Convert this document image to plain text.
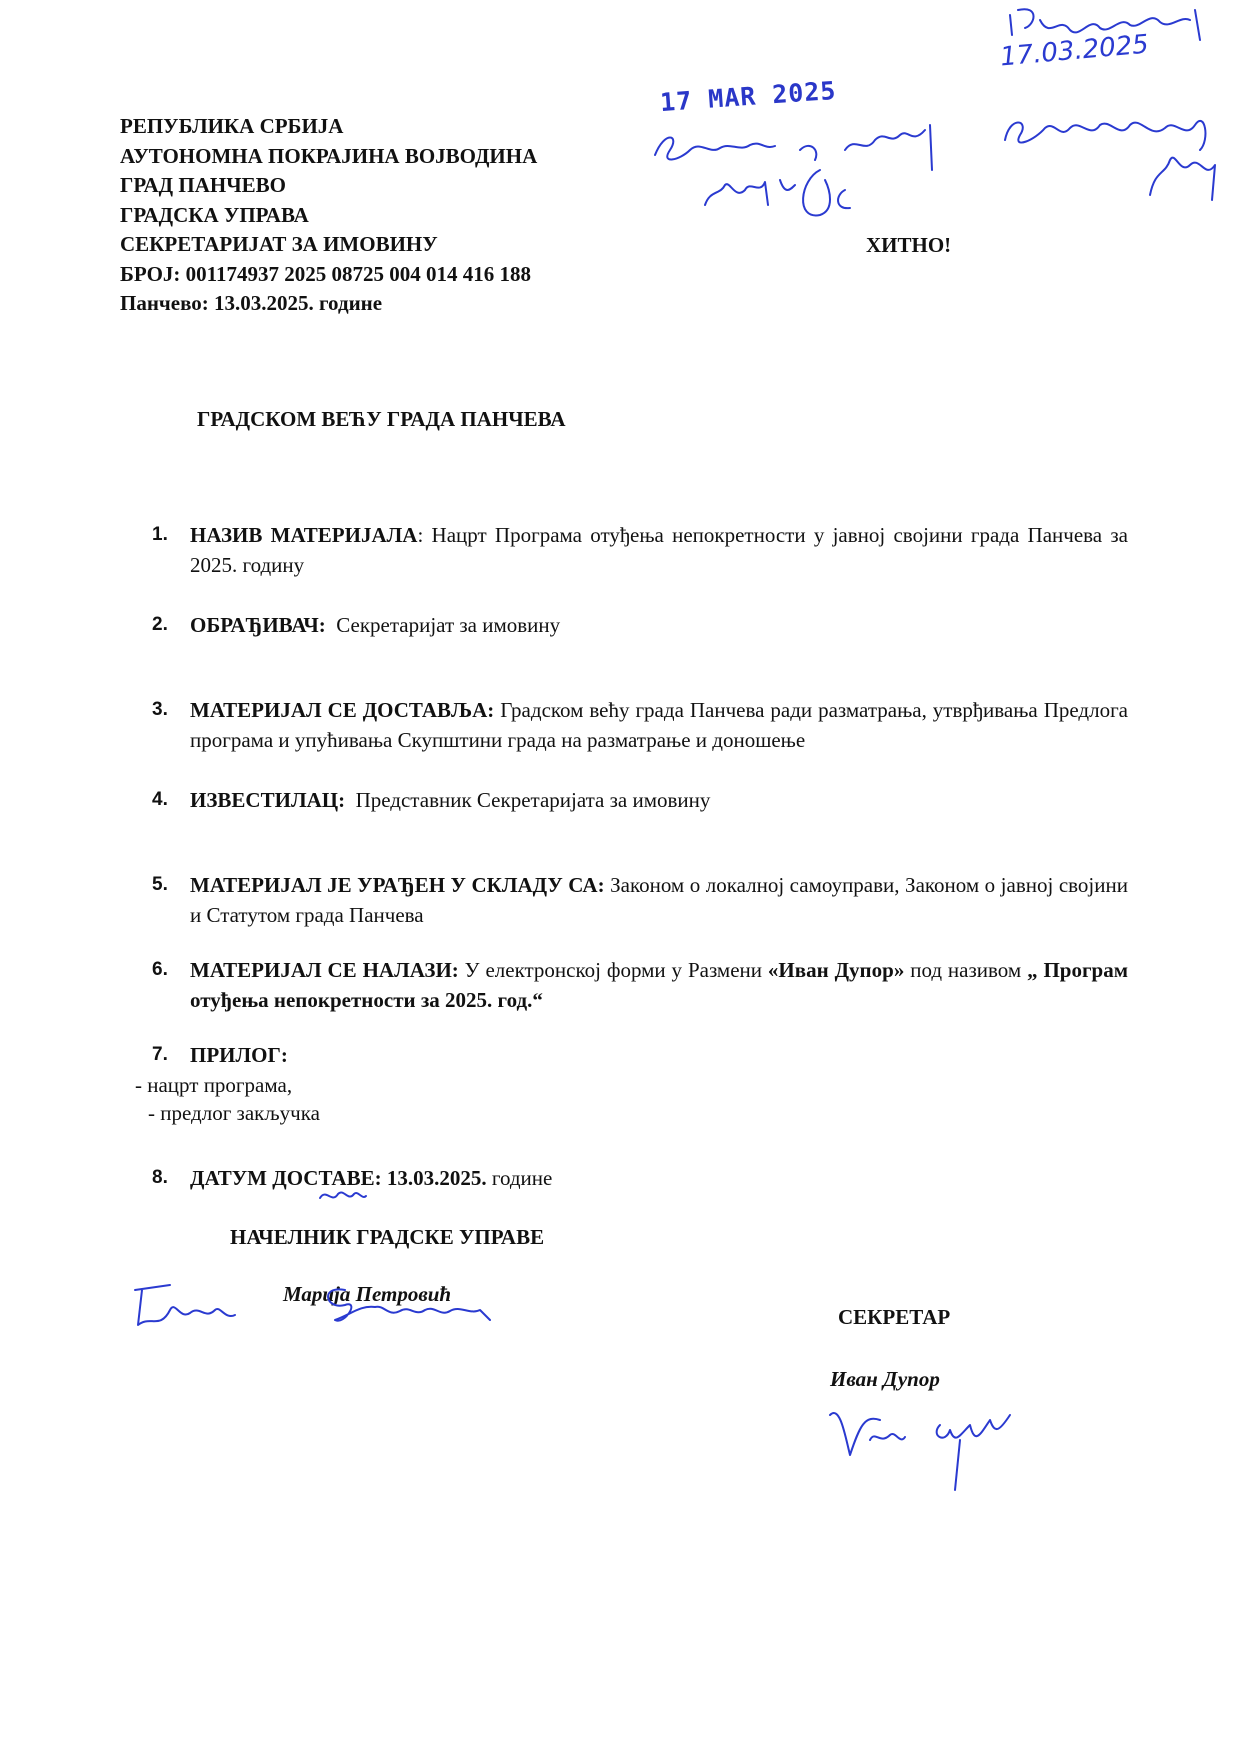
РЕПУБЛИКА СРБИЈА
АУТОНОМНА ПОКРАЈИНА ВОЈВОДИНА
ГРАД ПАНЧЕВО
ГРАДСКА УПРАВА
СЕКРЕТАРИЈАТ ЗА ИМОВИНУ
БРОЈ: 001174937 2025 08725 004 014 416 188
Панчево: 13.03.2025. године
ХИТНО!
17 MAR 2025
17.03.2025
ГРАДСКОМ ВЕЋУ ГРАДА ПАНЧЕВА
1. НАЗИВ МАТЕРИЈАЛА: Нацрт Програма отуђења непокретности у јавној својини града Панчева за 2025. годину
2. ОБРАЂИВАЧ:  Секретаријат за имовину
3. МАТЕРИЈАЛ СЕ ДОСТАВЉА: Градском већу града Панчева ради разматрања, утврђивања Предлога програма и упућивања Скупштини града на разматрање и доношење
4. ИЗВЕСТИЛАЦ:  Представник Секретаријата за имовину
5. МАТЕРИЈАЛ ЈЕ УРАЂЕН У СКЛАДУ СА: Законом о локалној самоуправи, Законом о јавној својини и Статутом града Панчева
6. МАТЕРИЈАЛ СЕ НАЛАЗИ: У електронској форми у Размени «Иван Дупор» под називом „ Програм отуђења непокретности за 2025. год.“
7. ПРИЛОГ:
- нацрт програма,
- предлог закључка
8. ДАТУМ ДОСТАВЕ: 13.03.2025. године
НАЧЕЛНИК ГРАДСКЕ УПРАВЕ
Марија Петровић
СЕКРЕТАР
Иван Дупор
